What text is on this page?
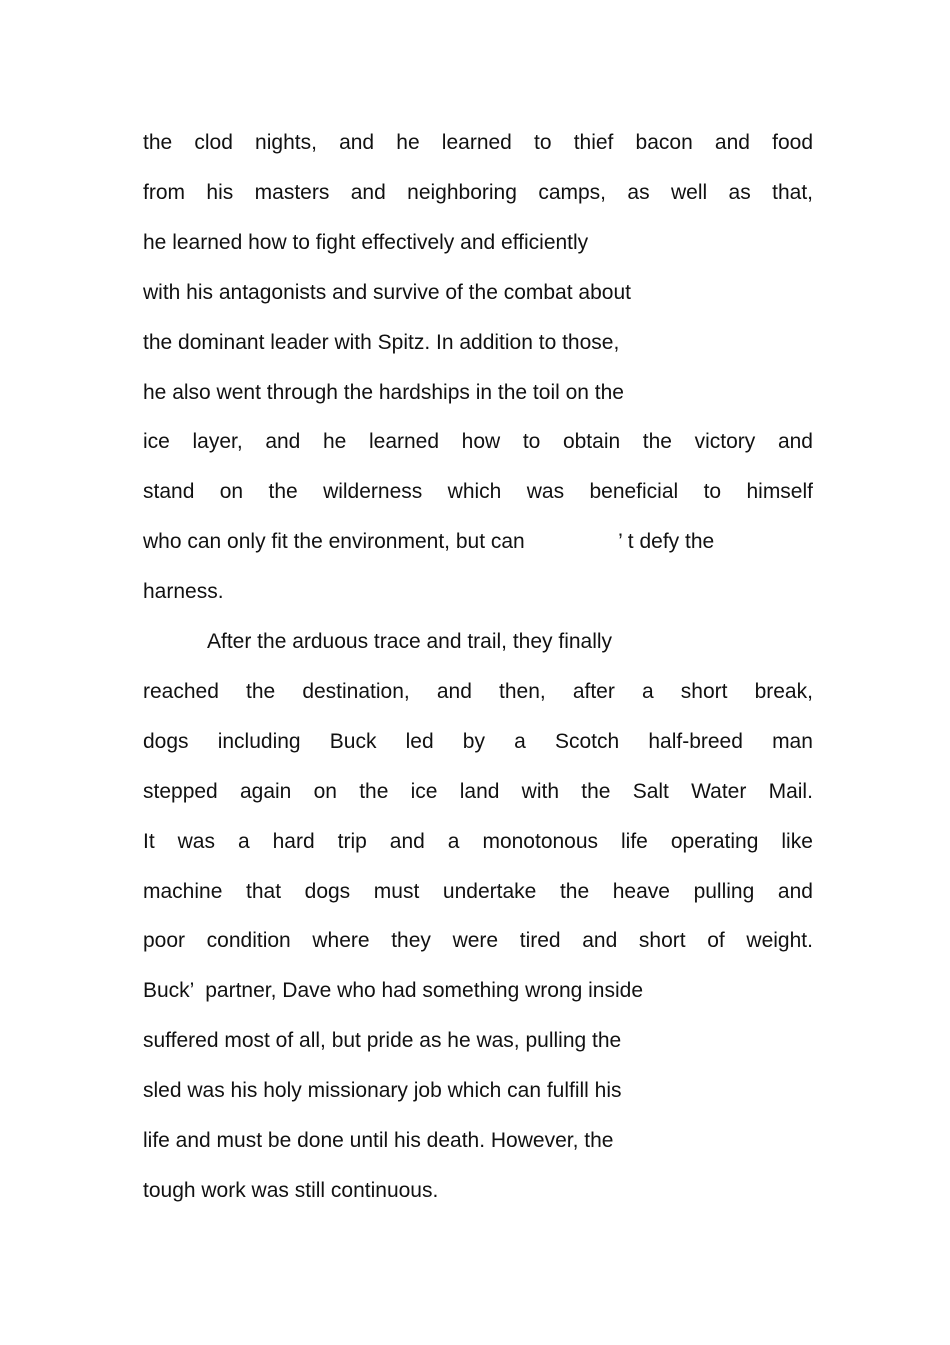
the clod nights, and he learned to thief bacon and food
from his masters and neighboring camps, as well as that,
he learned how to fight effectively and efficiently
with his antagonists and survive of the combat about
the dominant leader with Spitz. In addition to those,
he also went through the hardships in the toil on the
ice layer, and he learned how to obtain the victory and
stand on the wilderness which was beneficial to himself
who can only fit the environment, but can                ’ t defy the
harness.
After the arduous trace and trail, they finally
reached the destination, and then, after a short break,
dogs including Buck led by a Scotch half-breed man
stepped again on the ice land with the Salt Water Mail.
It was a hard trip and a monotonous life operating like
machine that dogs must undertake the heave pulling and
poor condition where they were tired and short of weight.
Buck’  partner, Dave who had something wrong inside
suffered most of all, but pride as he was, pulling the
sled was his holy missionary job which can fulfill his
life and must be done until his death. However, the
tough work was still continuous.
